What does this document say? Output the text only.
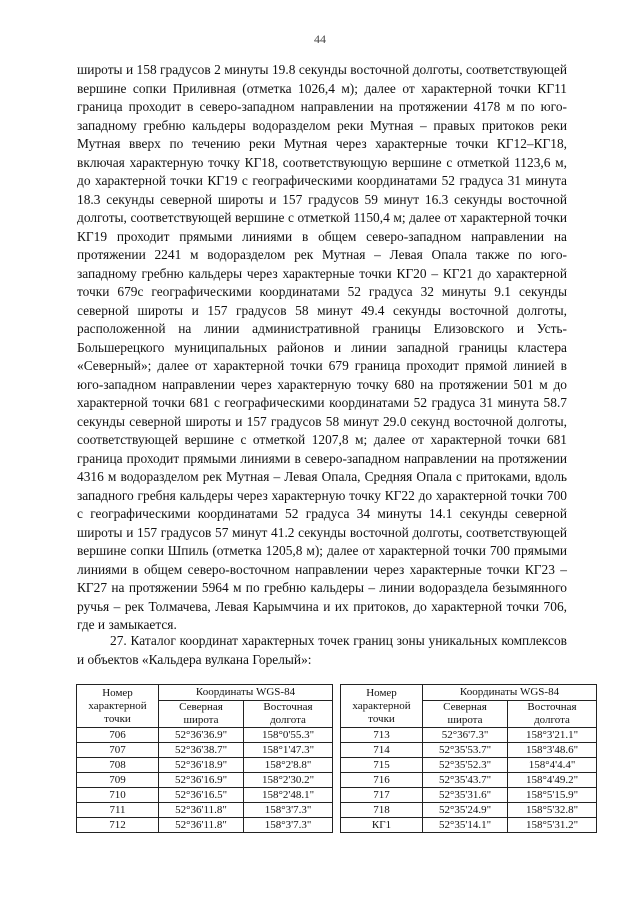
44

широты и 158 градусов 2 минуты 19.8 секунды восточной долготы, соответствующей вершине сопки Приливная (отметка 1026,4 м); далее от характерной точки КГ11 граница проходит в северо-западном направлении на протяжении 4178 м по юго-западному гребню кальдеры водоразделом реки Мутная – правых притоков реки Мутная вверх по течению реки Мутная через характерные точки КГ12–КГ18, включая характерную точку КГ18, соответствующую вершине с отметкой 1123,6 м, до характерной точки КГ19 с географическими координатами 52 градуса 31 минута 18.3 секунды северной широты и 157 градусов 59 минут 16.3 секунды восточной долготы, соответствующей вершине с отметкой 1150,4 м; далее от характерной точки КГ19 проходит прямыми линиями в общем северо-западном направлении на протяжении 2241 м водоразделом рек Мутная – Левая Опала также по юго-западному гребню кальдеры через характерные точки КГ20 – КГ21 до характерной точки 679с географическими координатами 52 градуса 32 минуты 9.1 секунды северной широты и 157 градусов 58 минут 49.4 секунды восточной долготы, расположенной на линии административной границы Елизовского и Усть-Большерецкого муниципальных районов и линии западной границы кластера «Северный»; далее от характерной точки 679 граница проходит прямой линией в юго-западном направлении через характерную точку 680 на протяжении 501 м до характерной точки 681 с географическими координатами 52 градуса 31 минута 58.7 секунды северной широты и 157 градусов 58 минут 29.0 секунд восточной долготы, соответствующей вершине с отметкой 1207,8 м; далее от характерной точки 681 граница проходит прямыми линиями в северо-западном направлении на протяжении 4316 м водоразделом рек Мутная – Левая Опала, Средняя Опала с притоками, вдоль западного гребня кальдеры через характерную точку КГ22 до характерной точки 700 с географическими координатами 52 градуса 34 минуты 14.1 секунды северной широты и 157 градусов 57 минут 41.2 секунды восточной долготы, соответствующей вершине сопки Шпиль (отметка 1205,8 м); далее от характерной точки 700 прямыми линиями в общем северо-восточном направлении через характерные точки КГ23 – КГ27 на протяжении 5964 м по гребню кальдеры – линии водораздела безымянного ручья – рек Толмачева, Левая Карымчина и их притоков, до характерной точки 706, где и замыкается.

27. Каталог координат характерных точек границ зоны уникальных комплексов и объектов «Кальдера вулкана Горелый»:

Номер характерной точки	Координаты WGS-84	
	Северная широта	Восточная долгота
706	52°36'36.9"	158°0'55.3"
707	52°36'38.7"	158°1'47.3"
708	52°36'18.9"	158°2'8.8"
709	52°36'16.9"	158°2'30.2"
710	52°36'16.5"	158°2'48.1"
711	52°36'11.8"	158°3'7.3"
712	52°36'11.8"	158°3'7.3"
Номер характерной точки	Координаты WGS-84	
	Северная широта	Восточная долгота
713	52°36'7.3"	158°3'21.1"
714	52°35'53.7"	158°3'48.6"
715	52°35'52.3"	158°4'4.4"
716	52°35'43.7"	158°4'49.2"
717	52°35'31.6"	158°5'15.9"
718	52°35'24.9"	158°5'32.8"
КГ1	52°35'14.1"	158°5'31.2"
